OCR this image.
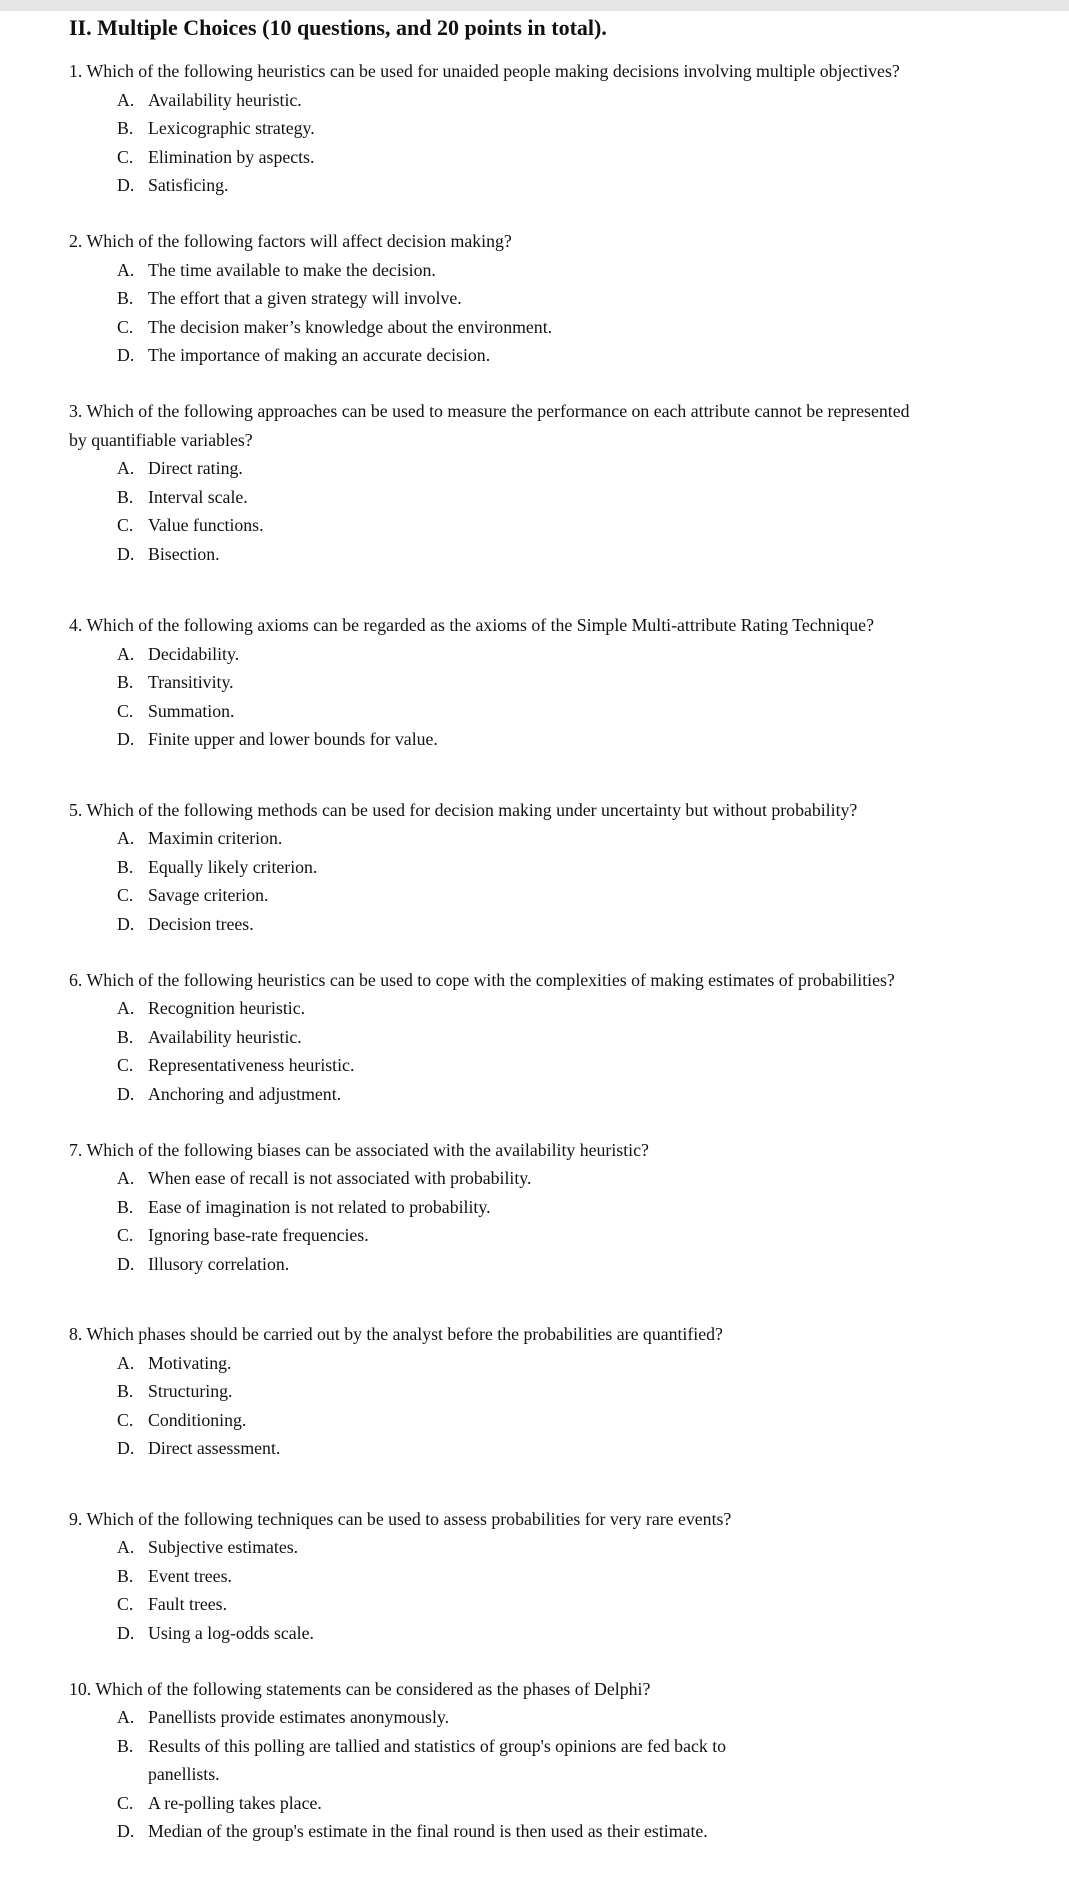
II. Multiple Choices (10 questions, and 20 points in total).
1. Which of the following heuristics can be used for unaided people making decisions involving multiple objectives?
A. Availability heuristic.
B. Lexicographic strategy.
C. Elimination by aspects.
D. Satisficing.
2. Which of the following factors will affect decision making?
A. The time available to make the decision.
B. The effort that a given strategy will involve.
C. The decision maker’s knowledge about the environment.
D. The importance of making an accurate decision.
3. Which of the following approaches can be used to measure the performance on each attribute cannot be represented
by quantifiable variables?
A. Direct rating.
B. Interval scale.
C. Value functions.
D. Bisection.
4. Which of the following axioms can be regarded as the axioms of the Simple Multi-attribute Rating Technique?
A. Decidability.
B. Transitivity.
C. Summation.
D. Finite upper and lower bounds for value.
5. Which of the following methods can be used for decision making under uncertainty but without probability?
A. Maximin criterion.
B. Equally likely criterion.
C. Savage criterion.
D. Decision trees.
6. Which of the following heuristics can be used to cope with the complexities of making estimates of probabilities?
A. Recognition heuristic.
B. Availability heuristic.
C. Representativeness heuristic.
D. Anchoring and adjustment.
7. Which of the following biases can be associated with the availability heuristic?
A. When ease of recall is not associated with probability.
B. Ease of imagination is not related to probability.
C. Ignoring base-rate frequencies.
D. Illusory correlation.
8. Which phases should be carried out by the analyst before the probabilities are quantified?
A. Motivating.
B. Structuring.
C. Conditioning.
D. Direct assessment.
9. Which of the following techniques can be used to assess probabilities for very rare events?
A. Subjective estimates.
B. Event trees.
C. Fault trees.
D. Using a log-odds scale.
10. Which of the following statements can be considered as the phases of Delphi?
A. Panellists provide estimates anonymously.
B. Results of this polling are tallied and statistics of group's opinions are fed back to
panellists.
C. A re-polling takes place.
D. Median of the group's estimate in the final round is then used as their estimate.
